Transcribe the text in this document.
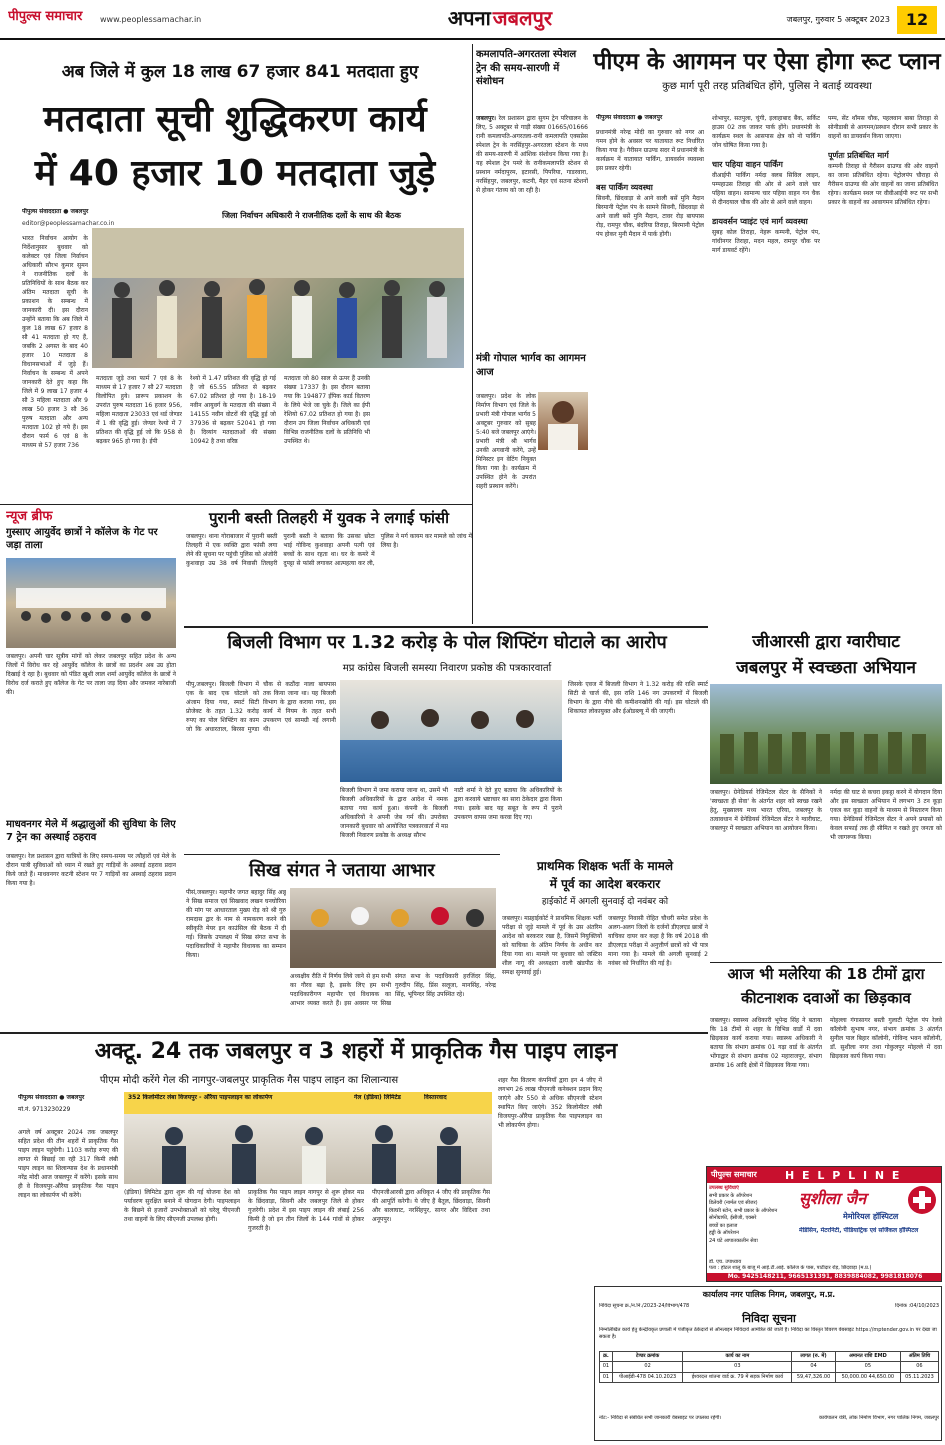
पीपुल्स समाचार	www.peoplessamachar.in	अपना जबलपुर	जबलपुर, गुरुवार 5 अक्टूबर 2023 12
अब जिले में कुल 18 लाख 67 हजार 841 मतदाता हुए
मतदाता सूची शुद्धिकरण कार्य
में 40 हजार 10 मतदाता जुड़े
पीपुल्स संवाददाता ● जबलपुर
editor@peoplessamachar.co.in
जिला निर्वाचन अधिकारी ने राजनीतिक दलों के साथ की बैठक
भारत निर्वाचन आयोग के निर्देशानुसार बुधवार को कलेक्टर एवं जिला निर्वाचन अधिकारी सौरभ कुमार सुमन ने राजनीतिक दलों के प्रतिनिधियों के साथ बैठक कर अंतिम मतदाता सूची के प्रकाशन के सम्बन्ध में जानकारी दी। इस दौरान उन्होंने बताया कि अब जिले में कुल 18 लाख 67 हजार 8 सौ 41 मतदाता हो गए हैं, जबकि 2 अगस्त के बाद 40 हजार 10 मतदाता 8 विधानसभाओं में जुड़े हैं। निर्वाचन के सम्बन्ध में अपने जानकारी देते हुए कहा कि जिले में 9 लाख 17 हजार 4 सौ 3 महिला मतदाता और 9 लाख 50 हजार 3 सौ 36 पुरुष मतदाता और अन्य मतदाता 102 हो गये हैं। इस दौरान फार्म 6 एवं 8 के माध्यम से 57 हजार 736
मतदाता जुड़े तथा फार्म 7 एवं 8 के माध्यम से 17 हजार 7 सौ 27 मतदाता विलोपित हुये। प्रारूप प्रकाशन के उपरांत पुरुष मतदाता 16 हजार 956, महिला मतदाता 23033 एवं थर्ड जेण्डर में 1 की वृद्धि हुई। जेण्डर रेश्यो में 7 प्रतिशत की वृद्धि हुई जो कि 958 से बढ़कर 965 हो गया है। ईपी
रेश्यो में 1.47 प्रतिशत की वृद्धि हो गई है जो 65.55 प्रतिशत से बढ़कर 67.02 प्रतिशत हो गया है। 18-19 नवीन आयुवर्ग के मतदाता की संख्या में 14155 नवीन वोटरों की वृद्धि हुई जो 37936 से बढ़कर 52041 हो गया है। दिव्यांग मतदाताओं की संख्या 10942 है तथा वरिष्ठ
मतदाता जो 80 साल से ऊपर हैं उनकी संख्या 17337 है। इस दौरान बताया गया कि 194877 ईपिक कार्ड वितरण के लिये भेजे जा चुके हैं। जिले का ईपी रेशियो 67.02 प्रतिशत हो गया है। इस दौरान उप जिला निर्वाचन अधिकारी एवं विभिन्न राजनीतिक दलों के प्रतिनिधि भी उपस्थित थे।
कमलापति-अगरतला स्पेशल ट्रेन की समय-सारणी में संशोधन
जबलपुर। रेल प्रशासन द्वारा सुगम ट्रेन परिचालन के लिए, 5 अक्टूबर से गाड़ी संख्या 01665/01666 रानी कमलापति-अगरतला-रानी कमलापति एक्सप्रेस स्पेशल ट्रेन के नरसिंहपुर-अगरतला स्टेशन के मध्य की समय-सारणी में आंशिक संशोधन किया गया है। यह स्पेशल ट्रेन पमरे के रानीकमलापति स्टेशन से प्रस्थान नर्मदापुरम, इटारसी, पिपरिया, गाडरवारा, नरसिंहपुर, जबलपुर, कटनी, मैहर एवं सतना स्टेशनों से होकर गंतव्य को जा रही है।
मंत्री गोपाल भार्गव का आगमन आज
जबलपुर। प्रदेश के लोक निर्माण विभाग एवं जिले के प्रभारी मंत्री गोपाल भार्गव 5 अक्टूबर गुरुवार को सुबह 5:40 बजे जबलपुर आएंगे। प्रभारी मंत्री श्री भार्गव उनकी अगवानी करेंगे, उन्हें मिनिस्टर इन वेटिंग नियुक्त किया गया है। कार्यक्रम में उपस्थित होने के उपरांत सहरी प्रस्थान करेंगे।
पीएम के आगमन पर ऐसा होगा रूट प्लान
कुछ मार्ग पूरी तरह प्रतिबंधित होंगे, पुलिस ने बताई व्यवस्था
पीपुल्स संवाददाता ● जबलपुर
प्रधानमंत्री नरेन्द्र मोदी का गुरुवार को नगर आ गमन होने के अवसर पर यातायात रूट निर्धारित किया गया है। गैरीसन ग्राउण्ड सदर में प्रधानमंत्री के कार्यक्रम में यातायात पार्किंग, डायवर्सन व्यवस्था इस प्रकार रहेगी।

बस पार्किंग व्यवस्था
सिवनी, छिंदवाड़ा से आने वाली बसें मुनि मैदान बिरमानी पेट्रोल पंप के सामने सिवनी, छिंदवाड़ा से आने वाली बसें मुनि मैदान, टावर रोड़ बायपास रोड़, रामपुर चौक, बंदरिया तिराहा, बिरमानी पेट्रोल पंप होकर मुनी मैदान में पार्क होंगी।
शोभापुर, सतपुला, चुंगी, इलाहाबाद बैंक, सर्किट हाउस 02 तक जाकर पार्क होंगे। प्रधानमंत्री के कार्यक्रम स्थल के आसपास क्षेत्र को नो पार्किंग जोन घोषित किया गया है।

चार पहिया वाहन पार्किंग
वीआईपी पार्किंग नर्मदा क्लब सिविल लाइन, पम्पहाउस तिराहा की ओर से आने वाले चार पहिया वाहन। सामान्य चार पहिया वाहन गन चैक से दीनदयाल चौक की ओर से आने वाले वाहन।

डायवर्सन प्वाइंट एवं मार्ग व्यवस्था
सुबह कोल तिराहा, नेहरू कम्पनी, पेट्रोल पंप, गांधीनगर तिराहा, मदन महल, रामपुर चौक पर मार्ग डायवर्ट रहेंगे।
पम्प, सेंट थॉमस चौक, पहलवान बाबा तिराहा से सोनीडाबी से आगमन/प्रस्थान दौरान सभी प्रकार के वाहनों का डायवर्सन किया जाएगा।

पूर्णतः प्रतिबंधित मार्ग
कम्पनी तिराहा से गैरीसन ग्राउण्ड की ओर वाहनों का जाना प्रतिबंधित रहेगा। पेट्रोलपंप चौराहा से गैरीसन ग्राउण्ड की ओर वाहनों का जाना प्रतिबंधित रहेगा। कार्यक्रम स्थल पर वीवीआईपी रूट पर सभी प्रकार के वाहनों का आवागमन प्रतिबंधित रहेगा।
न्यूज ब्रीफ
गुस्साए आयुर्वेद छात्रों ने कॉलेज के गेट पर जड़ा ताला
जबलपुर। अपनी चार सूत्रीय मांगों को लेकर जबलपुर सहित प्रदेश के अन्य जिलों में विरोध कर रहे आयुर्वेद कॉलेज के छात्रों का प्रदर्शन अब उग्र होता दिखाई दे रहा है। बुधवार को पंडित खुशी लाल शर्मा आयुर्वेद कॉलेज के छात्रों ने विरोध दर्ज कराते हुए कॉलेज के गेट पर ताला जड़ दिया और जमकर नारेबाजी की।
माधवनगर मेले में श्रद्धालुओं की सुविधा के लिए 7 ट्रेन का अस्थाई ठहराव
जबलपुर। रेल प्रशासन द्वारा यात्रियों के लिए समय-समय पर त्यौहारों एवं मेले के दौरान यात्री सुविधाओं को ध्यान में रखते हुए गाड़ियों के अस्थाई ठहराव प्रदान किये जाते हैं। माधवनगर कटनी स्टेशन पर 7 गाड़ियों का अस्थाई ठहराव प्रदान किया गया है।
पुरानी बस्ती तिलहरी में युवक ने लगाई फांसी
जबलपुर। थाना गोराबाजार में पुरानी बस्ती तिलहरी में एक व्यक्ति द्वारा फांसी लगा लेने की सूचना पर पहुंची पुलिस को अंजोरी कुशवाहा उम्र 38 वर्ष निवासी तिलहरी पुरानी बस्ती ने बताया कि उसका छोटा भाई गोविन्द कुशवाहा अपनी पत्नी एवं बच्चों के साथ रहता था। घर के कमरे में दुपट्टा से फांसी लगाकर आत्महत्या कर ली, पुलिस ने मर्ग कायम कर मामले को जांच में लिया है।
बिजली विभाग पर 1.32 करोड़ के पोल शिफ्टिंग घोटाले का आरोप
मप्र कांग्रेस बिजली समस्या निवारण प्रकोष्ठ की पत्रकारवार्ता
पीपु,जबलपुर। बिजली विभाग में एक के बाद एक घोटाले को अंजाम दिया गया, स्मार्ट सिटी प्रोजेक्ट के तहत 1.32 करोड़ रुपए का पोल शिफ्टिंग का काम जो कि अधारताल, बिरसा मुण्डा चौक से कठौंदा नाला बायपास तक किया जाना था। यह बिजली विभाग के द्वारा कराया गया, इस कार्य में नियम के तहत सभी उपकरण एवं सामग्री नई लगानी थी।
बिजली विभाग में जमा कराया जाना था, उसमें भी बिजली अधिकारियों के द्वारा आदेश में नमक बताया गया कार्य हुआ। कंपनी के बिजली अधिकारियों ने अपनी जेब गर्म की। उपरोक्त जानकारी बुधवार को आयोजित पत्रकारवार्ता में मप्र बिजली निवारण प्रकोष्ठ के अध्यक्ष सौरभ
नाटी शर्मा ने देते हुए बताया कि अधिकारियों के द्वारा करवाये भ्रष्टाचार का सारा ठेकेदार द्वारा किया गया। इसके बाद यह सबूत के रूप में पुराने उपकरण वापस जमा करवा दिए गए।
जिसके एवज में बिजली विभाग ने 1.32 करोड़ की राशि स्मार्ट सिटी से चार्ज की, इस राशि 146 नग उपकरणों में बिजली विभाग के द्वारा नीचे की कमीशनखोरी की गई। इस घोटाले की शिकायत लोकायुक्त और ईओडब्ल्यू में की जाएगी।
जीआरसी द्वारा ग्वारीघाट
जबलपुर में स्वच्छता अभियान
जबलपुर। ग्रेनेडियर्स रेजिमेंटल सेंटर के सैनिकों ने 'स्वच्छता ही सेवा' के अंतर्गत शहर को स्वच्छ रखने हेतु, मुख्यालय मध्य भारत एरिया, जबलपुर के तत्वावधान में ग्रेनेडियर्स रेजिमेंटल सेंटर ने ग्वारीघाट, जबलपुर में स्वच्छता अभियान का आयोजन किया।
नर्मदा की घाट से कचरा इकट्ठा करने में योगदान दिया और इस स्वच्छता अभियान में लगभग 3 टन कूड़ा एकत्र कर कूड़ा वाहनों के माध्यम से निस्तारण किया गया। ग्रेनेडियर्स रेजिमेंटल सेंटर ने अपने प्रयासों को केवल सफाई तक ही सीमित न रखते हुए जनता को भी जागरूक किया।
सिख संगत ने जताया आभार
पीसं,जबलपुर। महापौर जगत बहादुर सिंह अन्नू ने सिख समाज एवं सिखवाद लखन घनघोरिया की मांग पर आधारताल मुख्य रोड़ को श्री गुरु रामदास द्वार के नाम से नामकरण करने की स्वीकृति मेयर इन काउंसिल की बैठक में दी गई। जिसके उपलक्ष्य में सिख संगत सभा के पदाधिकारियों ने महापौर विधायक का सम्मान किया।
अध्यक्षीय रीति में निर्णय लिये जाने से हम सभी का गौरव बढ़ा है, इसके लिए हम सभी पदाधिकारीगण महापौर एवं विधायक का आभार व्यक्त करते हैं। इस अवसर पर सिख संगत सभा के पदाधिकारी हरजिंदर सिंह, गुरुदीप सिंह, प्रिंस सलूजा, मानसिंह, नरेन्द्र सिंह, भूपिन्दर सिंह उपस्थित रहे।
प्राथमिक शिक्षक भर्ती के मामले
में पूर्व का आदेश बरकरार
हाईकोर्ट में अगली सुनवाई दो नवंबर को
जबलपुर। मप्रहाईकोर्ट ने प्राथमिक शिक्षक भर्ती परीक्षा से जुड़े मामले में पूर्व के उस अंतरिम आदेश को बरकरार रखा है, जिसमें नियुक्तियों को याचिका के अंतिम निर्णय के अधीन कर दिया गया था। मामले पर बुधवार को जस्टिस शील नागू की अध्यक्षता वाली खंडपीठ के समक्ष सुनवाई हुई।
जबलपुर निवासी रोहित चौधरी समेत प्रदेश के अलग-अलग जिलों के दर्जनों डीएलएड छात्रों ने याचिका दायर कर कहा है कि वर्ष 2018 की डीएलएड परीक्षा में अनुत्तीर्ण छात्रों को भी पात्र माना गया है। मामले की अगली सुनवाई 2 नवंबर को निर्धारित की गई है।
आज भी मलेरिया की 18 टीमों द्वारा
कीटनाशक दवाओं का छिड़काव
जबलपुर। स्वास्थ्य अधिकारी भूपेन्द्र सिंह ने बताया कि 18 टीमों से शहर के विभिन्न वार्डों में दवा छिड़काव कार्य कराया गया। स्वास्थ्य अधिकारी ने बताया कि संभाग क्रमांक 01 गढ़ा वार्ड के अंतर्गत भोंगाद्वार से संभाग क्रमांक 02 महाराजपुर, संभाग क्रमांक 16 आदि क्षेत्रों में छिड़काव किया गया।
मोहल्ला गंगासागर बस्ती गुलाटी पेट्रोल पंप रेलवे कॉलोनी सुभाष नगर, संभाग क्रमांक 3 अंतर्गत सुनील पाल बिहार कॉलोनी, गोविन्द भवन कॉलोनी, डॉ. सुशीला नगर तथा गोकुलपुर मोहल्ले में दवा छिड़काव कार्य किया गया।
अक्टू. 24 तक जबलपुर व 3 शहरों में प्राकृतिक गैस पाइप लाइन
पीएम मोदी करेंगे गेल की नागपुर-जबलपुर प्राकृतिक गैस पाइप लाइन का शिलान्यास
पीपुल्स संवाददाता ● जबलपुर
मो.नं. 9713230229
352 किलोमीटर लंबा विजयपुर - औरैया पाइपलाइन का लोकार्पण	गेल (इंडिया) लिमिटेड	विस्तारवाद
अगले वर्ष अक्टूबर 2024 तक जबलपुर सहित प्रदेश की तीन शहरों में प्राकृतिक गैस पाइप लाइन पहुंचेगी। 1103 करोड़ रुपए की लागत से बिछाई जा रही 317 किमी लंबी पाइप लाइन का शिलान्यास देश के प्रधानमंत्री नरेंद्र मोदी आज जबलपुर में करेंगे। इसके साथ ही वे विजयपुर-औरैया प्राकृतिक गैस पाइप लाइन का लोकार्पण भी करेंगे।	(इंडिया) लिमिटेड द्वारा शुरू की गई योजना देश को पर्यावरण सुरक्षित बनाने में योगदान देगी। पाइपलाइन के बिछने से हजारों उपभोक्ताओं को घरेलू पीएनजी तथा वाहनों के लिए सीएनजी उपलब्ध होगी।
प्राकृतिक गैस पाइप लाइन नागपुर से शुरू होकर मप्र के छिंदवाड़ा, सिवनी और जबलपुर जिले से होकर गुजरेगी। प्रदेश में इस पाइप लाइन की लंबाई 256 किमी है जो इन तीन जिलों के 144 गांवों से होकर गुजरती है।
पीएनजीआरबी द्वारा अधिकृत 4 जीए की प्राकृतिक गैस की आपूर्ति करेगी। ये जीए हैं बैतूल, छिंदवाड़ा, सिवनी और बालाघाट, नरसिंहपुर, सागर और विदिशा तथा अनूपपुर।
शहर गैस वितरण कंपनियाँ द्वारा इन 4 जीए में लगभग 26 लाख पीएनजी कनेक्शन प्रदान किए जाएंगे और 550 से अधिक सीएनजी स्टेशन स्थापित किए जाएंगे। 352 किलोमीटर लंबी विजयपुर-औरैया प्राकृतिक गैस पाइपलाइन का भी लोकार्पण होगा।
पीपुल्स समाचार	H E L P L I N E
उपलब्ध सुविधाएं
सभी प्रकार के ऑपरेशन
डिलेवरी (नार्मल एवं सीजर)
किडनी स्टोन, सभी प्रकार के ऑपरेशन
सोनोग्राफी, ईसीजी, एक्सरे
बच्चों का इलाज
हड्डी के ऑपरेशन
24 घंटे आपातकालीन सेवा
सुशीला जैन
मेमोरियल हॉस्पिटल
मेडिसिन, मेटरनिटी, पीडियाट्रिक एवं सर्जिकल हॉस्पिटल
डॉ. एच. उपाध्याय
पता : होटल शालू के बाजू में आई.टी.आई. कॉलेज के पास, पाटीदार रोड़, छिंदवाड़ा (म.प्र.)
Mo. 9425148211, 9665131391, 8839884082, 9981818076
कार्यालय नगर पालिक निगम, जबलपुर, म.प्र.
निविदा सूचना क्र./न.नि./2023-24/विभाग/478	दिनांक :04/10/2023
निविदा सूचना
निम्नलिखित कार्य हेतु केन्द्रीयकृत प्रणाली में पंजीकृत ठेकेदारों से ऑनलाइन निविदायें आमंत्रित की जाती हैं। निविदा का विस्तृत विवरण वेबसाइट https://mptender.gov.in पर देखा जा सकता है।
क्र.	टेण्डर क्रमांक	कार्य का नाम	लागत (रु. में)	अमानत राशि EMD	अंतिम तिथि
01	02	03	04	05	06
01	पीआईडी-478 04.10.2023	ईश्वरदत्त शांतना वार्ड क्र. 79 में सड़क निर्माण कार्य	59,47,326.00	50,000.00 44,650.00	05.11.2023
नोट:- निविदा से संबंधित सभी जानकारी वेबसाइट पर उपलब्ध रहेगी।	कार्यपालन यंत्री, लोक निर्माण विभाग, नगर पालिक निगम, जबलपुर
